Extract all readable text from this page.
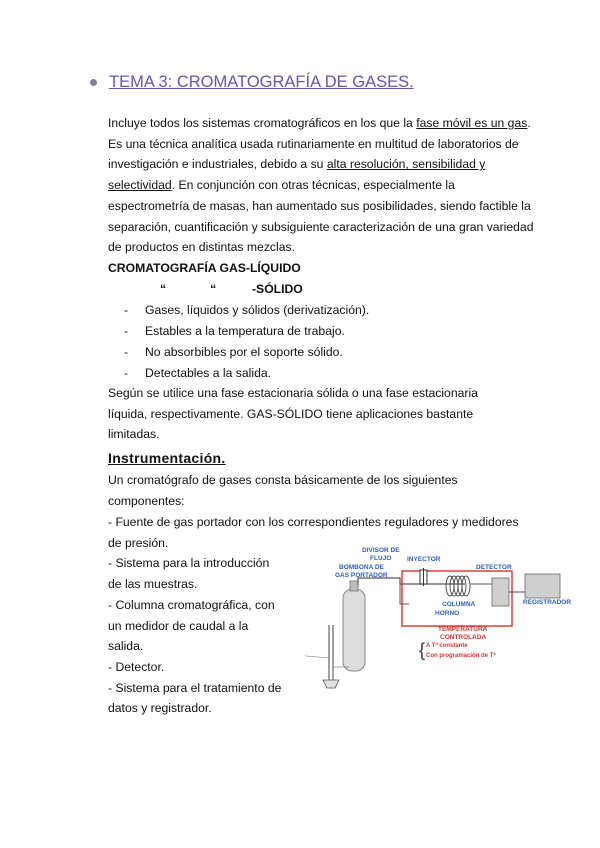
TEMA 3: CROMATOGRAFÍA DE GASES.

Incluye todos los sistemas cromatográficos en los que la fase móvil es un gas. Es una técnica analítica usada rutinariamente en multitud de laboratorios de investigación e industriales, debido a su alta resolución, sensibilidad y selectividad. En conjunción con otras técnicas, especialmente la espectrometría de masas, han aumentado sus posibilidades, siendo factible la separación, cuantificación y subsiguiente caracterización de una gran variedad de productos en distintas mezclas.

CROMATOGRAFÍA GAS-LÍQUIDO
“             “	-SÓLIDO
-	Gases, líquidos y sólidos (derivatización).
-	Estables a la temperatura de trabajo.
-	No absorbibles por el soporte sólido.
-	Detectables a la salida.

Según se utilice una fase estacionaria sólida o una fase estacionaria líquida, respectivamente. GAS-SÓLIDO tiene aplicaciones bastante limitadas.

Instrumentación.

Un cromatógrafo de gases consta básicamente de los siguientes componentes:

- Fuente de gas portador con los correspondientes reguladores y medidores
de presión.
- Sistema para la introducción
de las muestras.
- Columna cromatográfica, con
un medidor de caudal a la
salida.
- Detector.
- Sistema para el tratamiento de
datos y registrador.
DIVISOR DE
FLUJO INYECTOR
BOMBONA DE
GAS PORTADOR
DETECTOR
COLUMNA
HORNO
REGISTRADOR
TEMPERATURA
CONTROLADA
{ A Tª constante
Con programación de Tª
